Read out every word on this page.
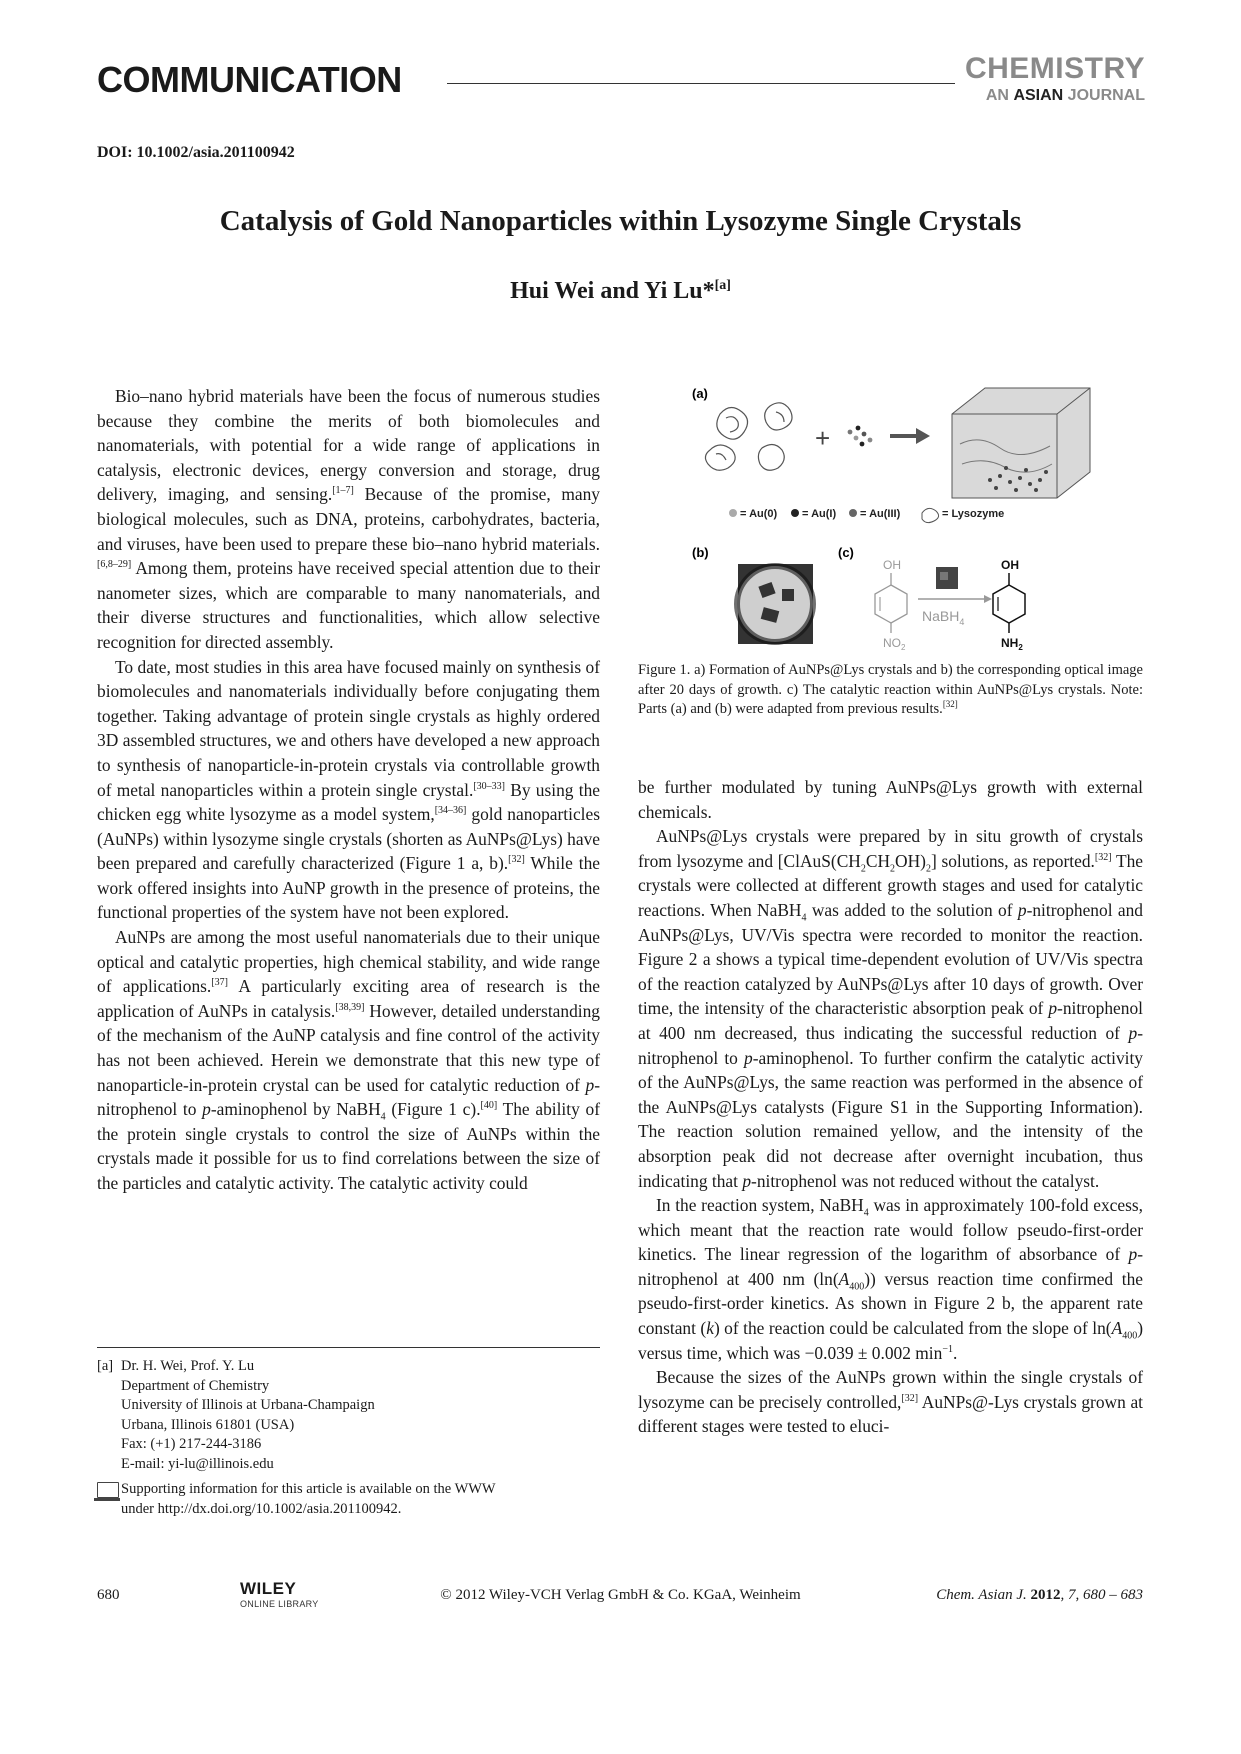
COMMUNICATION	CHEMISTRY
AN ASIAN JOURNAL
DOI: 10.1002/asia.201100942
Catalysis of Gold Nanoparticles within Lysozyme Single Crystals
Hui Wei and Yi Lu*[a]

Bio–nano hybrid materials have been the focus of numerous studies because they combine the merits of both biomolecules and nanomaterials, with potential for a wide range of applications in catalysis, electronic devices, energy conversion and storage, drug delivery, imaging, and sensing.[1–7] Because of the promise, many biological molecules, such as DNA, proteins, carbohydrates, bacteria, and viruses, have been used to prepare these bio–nano hybrid materials.[6,8–29] Among them, proteins have received special attention due to their nanometer sizes, which are comparable to many nanomaterials, and their diverse structures and functionalities, which allow selective recognition for directed assembly.

To date, most studies in this area have focused mainly on synthesis of biomolecules and nanomaterials individually before conjugating them together. Taking advantage of protein single crystals as highly ordered 3D assembled structures, we and others have developed a new approach to synthesis of nanoparticle-in-protein crystals via controllable growth of metal nanoparticles within a protein single crystal.[30–33] By using the chicken egg white lysozyme as a model system,[34–36] gold nanoparticles (AuNPs) within lysozyme single crystals (shorten as AuNPs@Lys) have been prepared and carefully characterized (Figure 1 a, b).[32] While the work offered insights into AuNP growth in the presence of proteins, the functional properties of the system have not been explored.

AuNPs are among the most useful nanomaterials due to their unique optical and catalytic properties, high chemical stability, and wide range of applications.[37] A particularly exciting area of research is the application of AuNPs in catalysis.[38,39] However, detailed understanding of the mechanism of the AuNP catalysis and fine control of the activity has not been achieved. Herein we demonstrate that this new type of nanoparticle-in-protein crystal can be used for catalytic reduction of p-nitrophenol to p-aminophenol by NaBH$_4$ (Figure 1 c).[40] The ability of the protein single crystals to control the size of AuNPs within the crystals made it possible for us to find correlations between the size of the particles and catalytic activity. The catalytic activity could

[a] Dr. H. Wei, Prof. Y. Lu
Department of Chemistry
University of Illinois at Urbana-Champaign
Urbana, Illinois 61801 (USA)
Fax: (+1) 217-244-3186
E-mail: yi-lu@illinois.edu
Supporting information for this article is available on the WWW
under http://dx.doi.org/10.1002/asia.201100942.
(a)
+
= Au(0) = Au(I) = Au(III)	= Lysozyme
(b)	(c)
OH
$NO_2$
NaBH$_4$
OH
$NH_2$
Figure 1. a) Formation of AuNPs@Lys crystals and b) the corresponding optical image after 20 days of growth. c) The catalytic reaction within AuNPs@Lys crystals. Note: Parts (a) and (b) were adapted from previous results.[32]

be further modulated by tuning AuNPs@Lys growth with external chemicals.

AuNPs@Lys crystals were prepared by in situ growth of crystals from lysozyme and $[ClAuS(CH_2CH_2OH)_2]$ solutions, as reported.[32] The crystals were collected at different growth stages and used for catalytic reactions. When NaBH$_4$ was added to the solution of p-nitrophenol and AuNPs@Lys, UV/Vis spectra were recorded to monitor the reaction. Figure 2 a shows a typical time-dependent evolution of UV/Vis spectra of the reaction catalyzed by AuNPs@Lys after 10 days of growth. Over time, the intensity of the characteristic absorption peak of p-nitrophenol at 400 nm decreased, thus indicating the successful reduction of p-nitrophenol to p-aminophenol. To further confirm the catalytic activity of the AuNPs@Lys, the same reaction was performed in the absence of the AuNPs@Lys catalysts (Figure S1 in the Supporting Information). The reaction solution remained yellow, and the intensity of the absorption peak did not decrease after overnight incubation, thus indicating that p-nitrophenol was not reduced without the catalyst.

In the reaction system, NaBH$_4$ was in approximately 100-fold excess, which meant that the reaction rate would follow pseudo-first-order kinetics. The linear regression of the logarithm of absorbance of p-nitrophenol at 400 nm $(\ln(A_{400}))$ versus reaction time confirmed the pseudo-first-order kinetics. As shown in Figure 2 b, the apparent rate constant (k) of the reaction could be calculated from the slope of $\ln(A_{400})$ versus time, which was −0.039 ± 0.002 $\min^{-1}$.

Because the sizes of the AuNPs grown within the single crystals of lysozyme can be precisely controlled,[32] AuNPs@-Lys crystals grown at different stages were tested to eluci-

680	WILEY
ONLINE LIBRARY
© 2012 Wiley-VCH Verlag GmbH & Co. KGaA, Weinheim	Chem. Asian J. 2012, 7, 680 – 683
